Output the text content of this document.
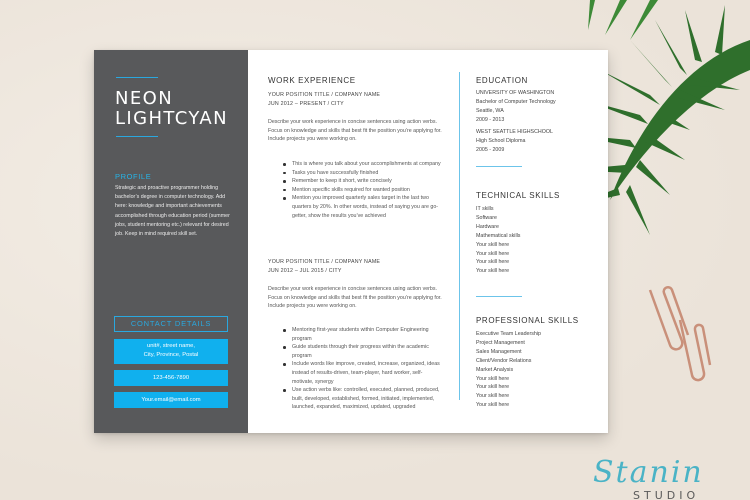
Stanin
STUDIO
NEON
LIGHTCYAN
PROFILE
Strategic and proactive programmer holding bachelor’s degree in computer technology. Add here: knowledge and important achievements accomplished through education period (summer jobs, student mentoring etc.) relevant for desired job. Keep in mind required skill set.
CONTACT DETAILS
unit#, street name,
City, Province, Postal
123-456-7890
Your.email@email.com
WORK EXPERIENCE
YOUR POSITION TITLE / COMPANY NAME
JUN 2012 – PRESENT / CITY
Describe your work experience in concise sentences using action verbs. Focus on knowledge and skills that best fit the position you’re applying for. Include projects you were working on.
This is where you talk about your accomplishments at company
Tasks you have successfully finished
Remember to keep it short, write concisely
Mention specific skills required for wanted position
Mention you improved quarterly sales target in the last two quarters by 20%. In other words, instead of saying you are go-getter, show the results you’ve achieved
YOUR POSITION TITLE / COMPANY NAME
JUN 2012 – JUL 2015 / CITY
Describe your work experience in concise sentences using action verbs. Focus on knowledge and skills that best fit the position you’re applying for. Include projects you were working on.
Mentoring first-year students within Computer Engineering program
Guide students through their progress within the academic program
Include words like improve, created, increase, organized, ideas instead of results-driven, team-player, hard worker, self-motivate, synergy
Use action verbs like: controlled, executed, planned, produced, built, developed, established, formed, initiated, implemented, launched, expanded, maximized, updated, upgraded
EDUCATION
UNIVERSITY OF WASHINGTON
Bachelor of Computer Technology
Seattle, WA
2009 - 2013
WEST SEATTLE HIGHSCHOOL
High School Diploma
2005 - 2009
TECHNICAL SKILLS
IT skills
Software
Hardware
Mathematical skills
Your skill here
Your skill here
Your skill here
Your skill here
PROFESSIONAL SKILLS
Executive Team Leadership
Project Management
Sales Management
Client/Vendor Relations
Market Analysis
Your skill here
Your skill here
Your skill here
Your skill here
